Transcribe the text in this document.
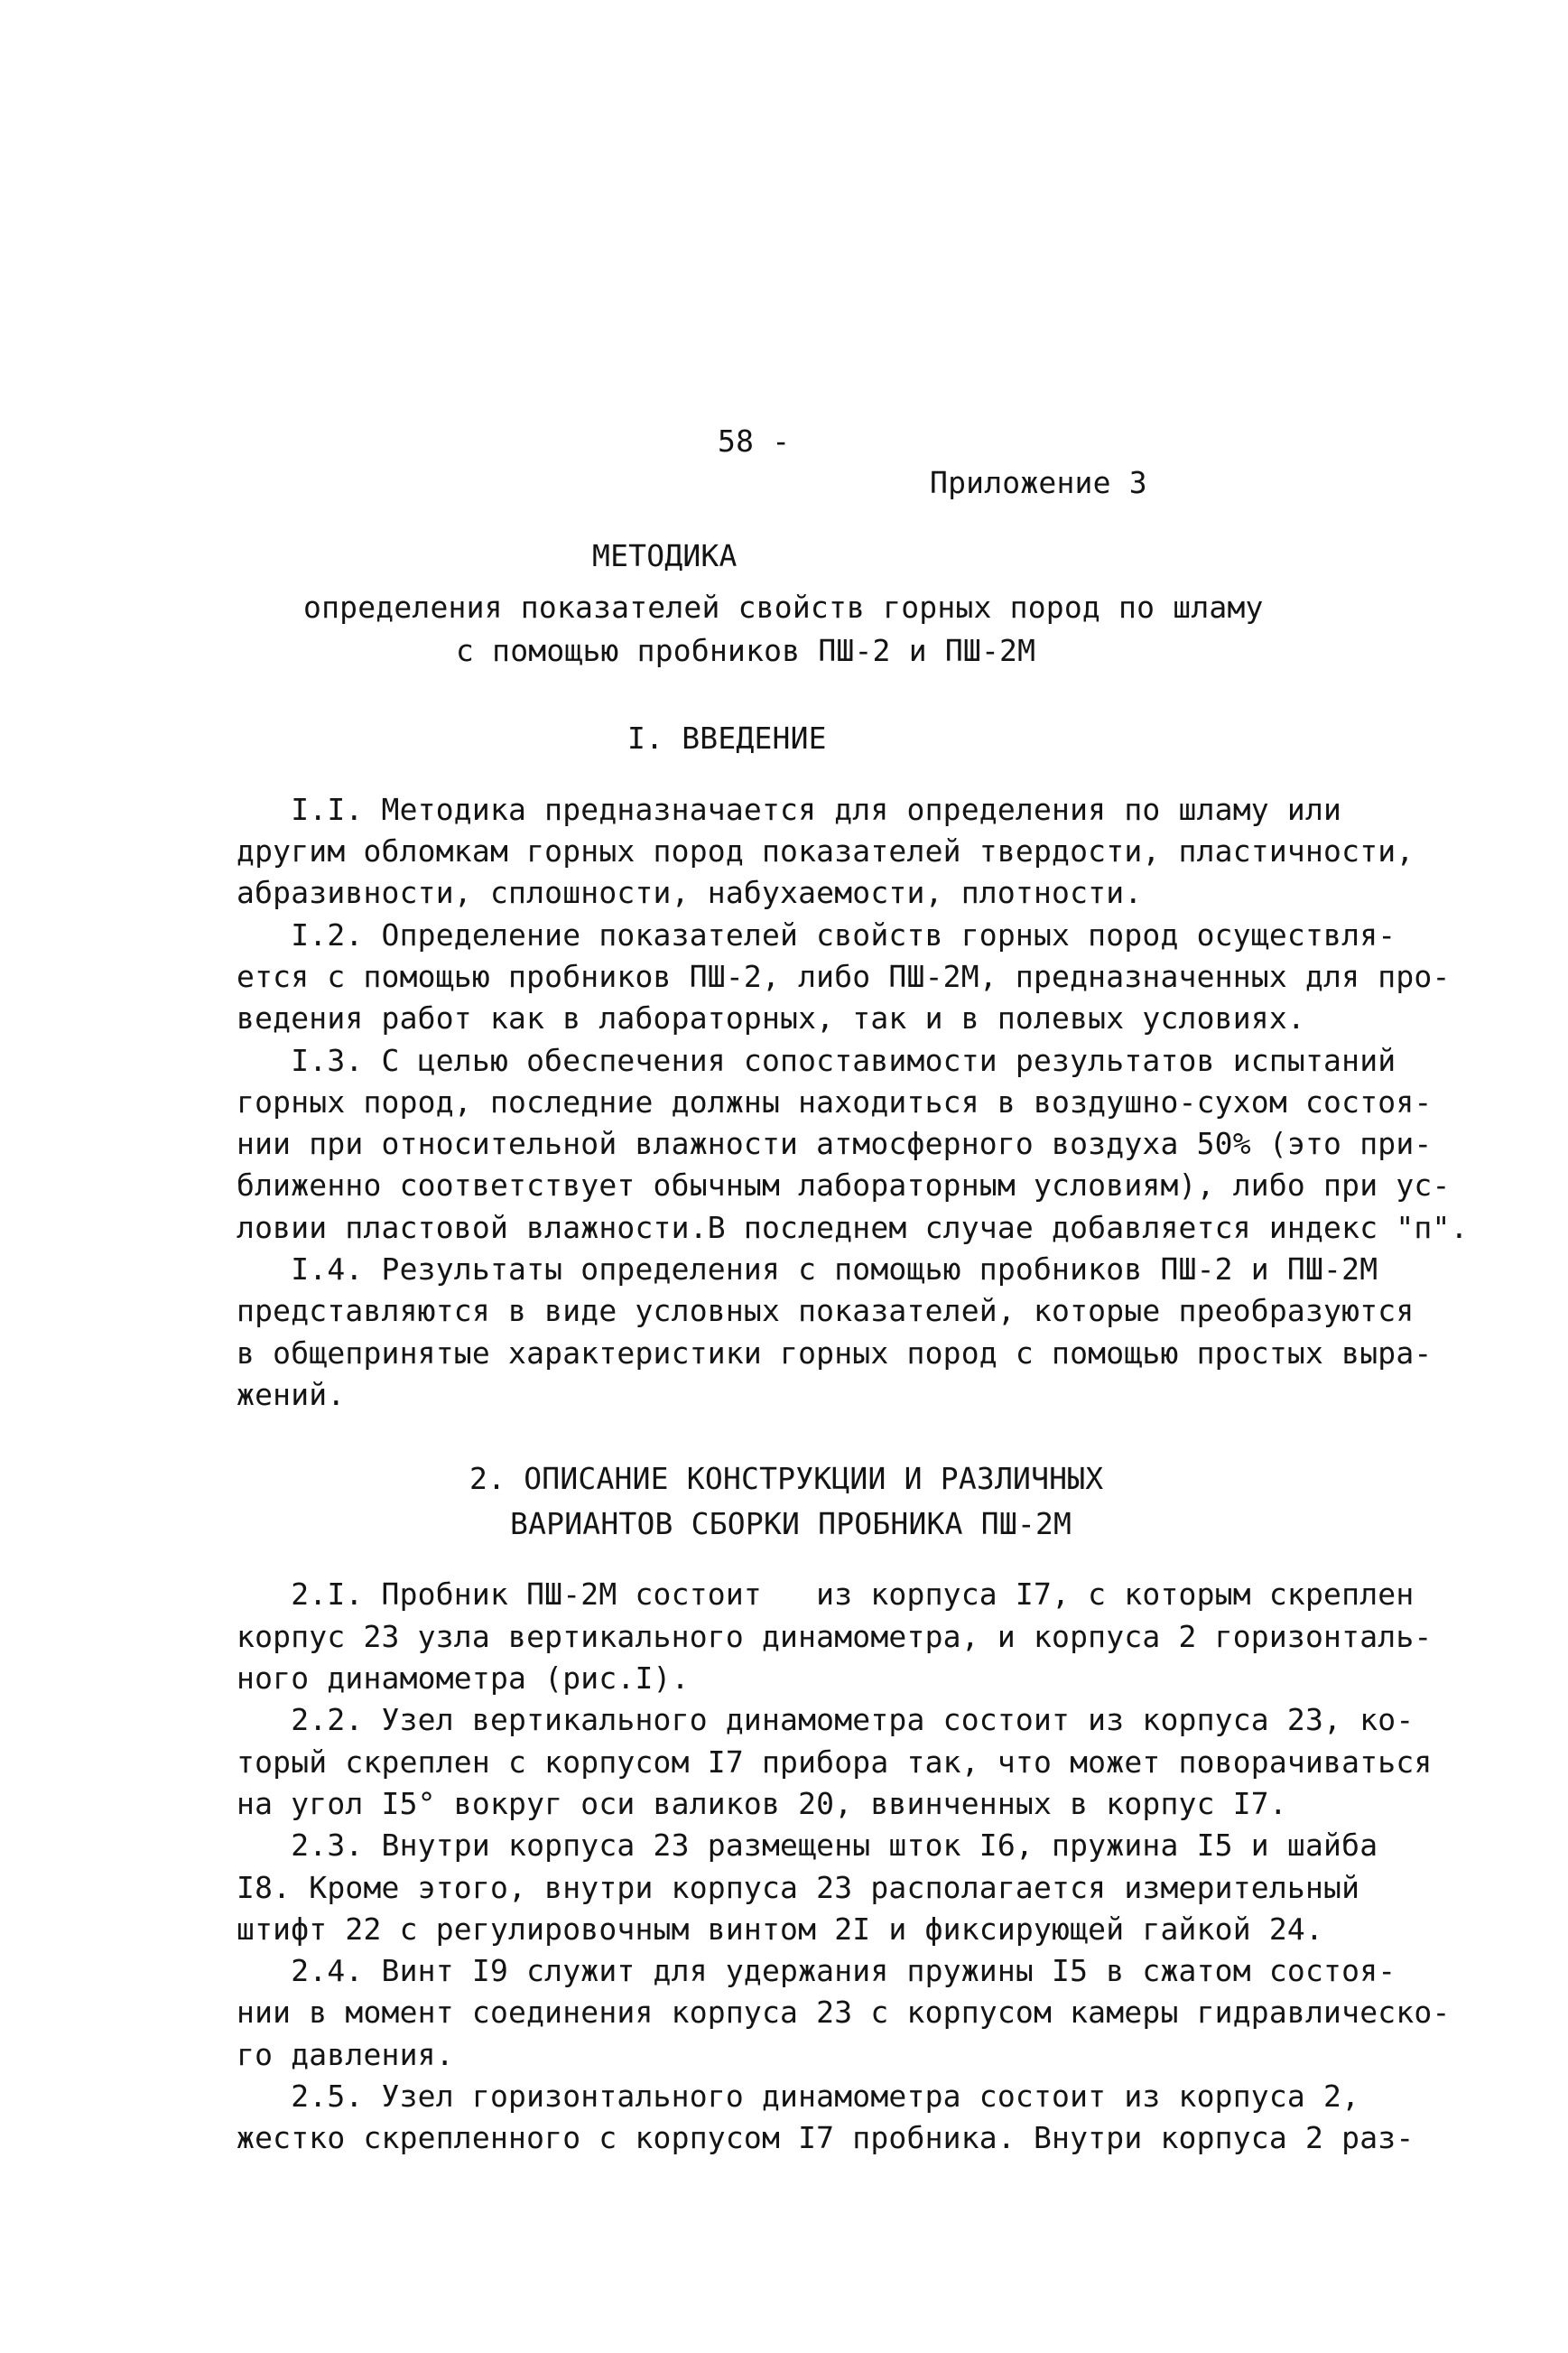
58 -
Приложение 3
МЕТОДИКА
определения показателей свойств горных пород по шламу
с помощью пробников ПШ-2 и ПШ-2М
I. ВВЕДЕНИЕ
I.I. Методика предназначается для определения по шламу или
другим обломкам горных пород показателей твердости, пластичности,
абразивности, сплошности, набухаемости, плотности.
I.2. Определение показателей свойств горных пород осуществля-
ется с помощью пробников ПШ-2, либо ПШ-2М, предназначенных для про-
ведения работ как в лабораторных, так и в полевых условиях.
I.3. С целью обеспечения сопоставимости результатов испытаний
горных пород, последние должны находиться в воздушно-сухом состоя-
нии при относительной влажности атмосферного воздуха 50% (это при-
ближенно соответствует обычным лабораторным условиям), либо при ус-
ловии пластовой влажности.В последнем случае добавляется индекс "п".
I.4. Результаты определения с помощью пробников ПШ-2 и ПШ-2М
представляются в виде условных показателей, которые преобразуются
в общепринятые характеристики горных пород с помощью простых выра-
жений.
2. ОПИСАНИЕ КОНСТРУКЦИИ И РАЗЛИЧНЫХ
ВАРИАНТОВ СБОРКИ ПРОБНИКА ПШ-2М
2.I. Пробник ПШ-2М состоит   из корпуса I7, с которым скреплен
корпус 23 узла вертикального динамометра, и корпуса 2 горизонталь-
ного динамометра (рис.I).
2.2. Узел вертикального динамометра состоит из корпуса 23, ко-
торый скреплен с корпусом I7 прибора так, что может поворачиваться
на угол I5° вокруг оси валиков 20, ввинченных в корпус I7.
2.3. Внутри корпуса 23 размещены шток I6, пружина I5 и шайба
I8. Кроме этого, внутри корпуса 23 располагается измерительный
штифт 22 с регулировочным винтом 2I и фиксирующей гайкой 24.
2.4. Винт I9 служит для удержания пружины I5 в сжатом состоя-
нии в момент соединения корпуса 23 с корпусом камеры гидравлическо-
го давления.
2.5. Узел горизонтального динамометра состоит из корпуса 2,
жестко скрепленного с корпусом I7 пробника. Внутри корпуса 2 раз-
